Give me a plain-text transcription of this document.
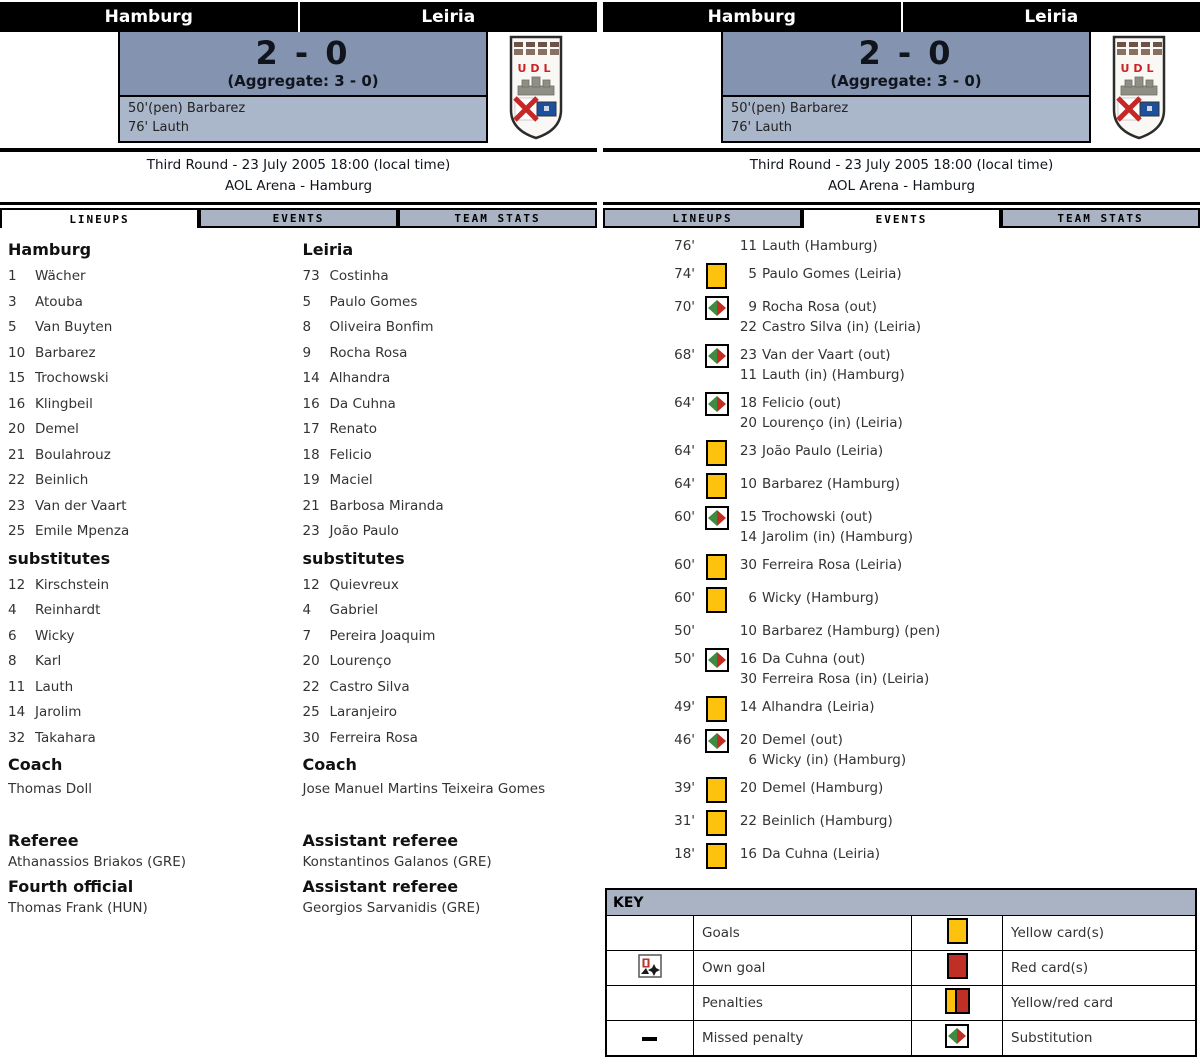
Hamburg	Leiria
2 - 0
(Aggregate: 3 - 0)
50'(pen) Barbarez
76' Lauth
UDL
Third Round - 23 July 2005 18:00 (local time)
AOL Arena - Hamburg
LINEUPS	EVENTS	TEAM STATS
Hamburg
1 Wächer
3 Atouba
5 Van Buyten
10 Barbarez
15 Trochowski
16 Klingbeil
20 Demel
21 Boulahrouz
22 Beinlich
23 Van der Vaart
25 Emile Mpenza
substitutes
12 Kirschstein
4 Reinhardt
6 Wicky
8 Karl
11 Lauth
14 Jarolim
32 Takahara
Coach
Thomas Doll
Leiria
73 Costinha
5 Paulo Gomes
8 Oliveira Bonfim
9 Rocha Rosa
14 Alhandra
16 Da Cuhna
17 Renato
18 Felicio
19 Maciel
21 Barbosa Miranda
23 João Paulo
substitutes
12 Quievreux
4 Gabriel
7 Pereira Joaquim
20 Lourenço
22 Castro Silva
25 Laranjeiro
30 Ferreira Rosa
Coach
Jose Manuel Martins Teixeira Gomes
Referee
Athanassios Briakos (GRE)
Fourth official
Thomas Frank (HUN)
Assistant referee
Konstantinos Galanos (GRE)
Assistant referee
Georgios Sarvanidis (GRE)
Hamburg	Leiria
2 - 0
(Aggregate: 3 - 0)
50'(pen) Barbarez
76' Lauth
UDL
Third Round - 23 July 2005 18:00 (local time)
AOL Arena - Hamburg
LINEUPS	EVENTS	TEAM STATS
76'	11 Lauth (Hamburg)
74'	5 Paulo Gomes (Leiria)
70'	9 Rocha Rosa (out)
22 Castro Silva (in) (Leiria)
68'	23 Van der Vaart (out)
11 Lauth (in) (Hamburg)
64'	18 Felicio (out)
20 Lourenço (in) (Leiria)
64'	23 João Paulo (Leiria)
64'	10 Barbarez (Hamburg)
60'	15 Trochowski (out)
14 Jarolim (in) (Hamburg)
60'	30 Ferreira Rosa (Leiria)
60'	6 Wicky (Hamburg)
50'	10 Barbarez (Hamburg) (pen)
50'	16 Da Cuhna (out)
30 Ferreira Rosa (in) (Leiria)
49'	14 Alhandra (Leiria)
46'	20 Demel (out)
6 Wicky (in) (Hamburg)
39'	20 Demel (Hamburg)
31'	22 Beinlich (Hamburg)
18'	16 Da Cuhna (Leiria)
KEY			
	Goals		Yellow card(s)
	Own goal		Red card(s)
	Penalties		Yellow/red card
	Missed penalty		Substitution
